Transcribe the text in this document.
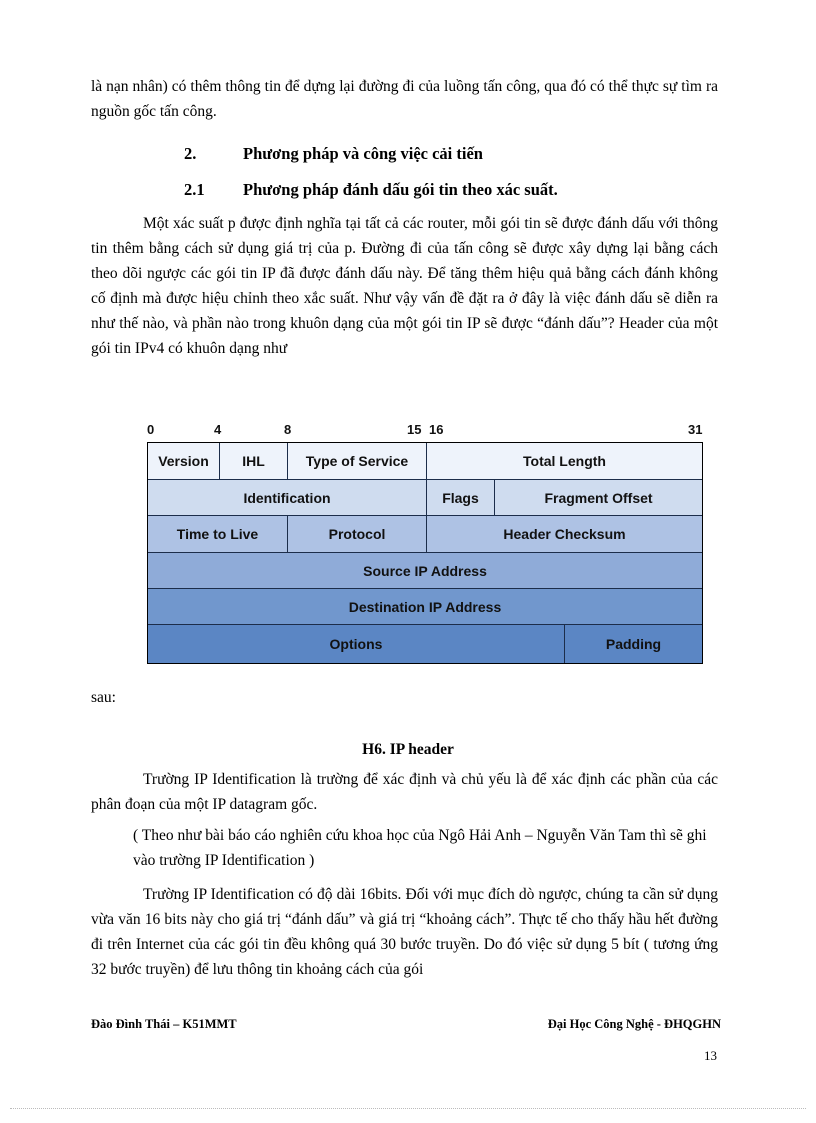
là nạn nhân) có thêm thông tin để dựng lại đường đi của luồng tấn công, qua đó có thể thực sự tìm ra nguồn gốc tấn công.

2.	Phương pháp và công việc cải tiến
2.1 Phương pháp đánh dấu gói tin theo xác suất.

Một xác suất p được định nghĩa tại tất cả các router, mỗi gói tin sẽ được đánh dấu với thông tin thêm bằng cách sử dụng giá trị của p. Đường đi của tấn công sẽ được xây dựng lại bằng cách theo dõi ngược các gói tin IP đã được đánh dấu này. Để tăng thêm hiệu quả bằng cách đánh không cố định mà được hiệu chỉnh theo xắc suất. Như vậy vấn đề đặt ra ở đây là việc đánh dấu sẽ diễn ra như thế nào, và phần nào trong khuôn dạng của một gói tin IP sẽ được “đánh dấu”? Header của một gói tin IPv4 có khuôn dạng như

0	4	8	15 16	31
Version	IHL	Type of Service	Total Length
Identification	Flags	Fragment Offset
Time to Live	Protocol	Header Checksum
Source IP Address
Destination IP Address
Options	Padding

sau:

H6. IP header

Trường IP Identification là trường để xác định và chủ yếu là để xác định các phần của các phân đoạn của một IP datagram gốc.

( Theo như bài báo cáo nghiên cứu khoa học của Ngô Hải Anh – Nguyễn Văn Tam thì sẽ ghi vào trường IP Identification )

Trường IP Identification có độ dài 16bits. Đối với mục đích dò ngược, chúng ta cần sử dụng vừa văn 16 bits này cho giá trị “đánh dấu” và giá trị “khoảng cách”. Thực tế cho thấy hầu hết đường đi trên Internet của các gói tin đều không quá 30 bước truyền. Do đó việc sử dụng 5 bít ( tương ứng 32 bước truyền) để lưu thông tin khoảng cách của gói

Đào Đình Thái – K51MMT	Đại Học Công Nghệ - ĐHQGHN
13
